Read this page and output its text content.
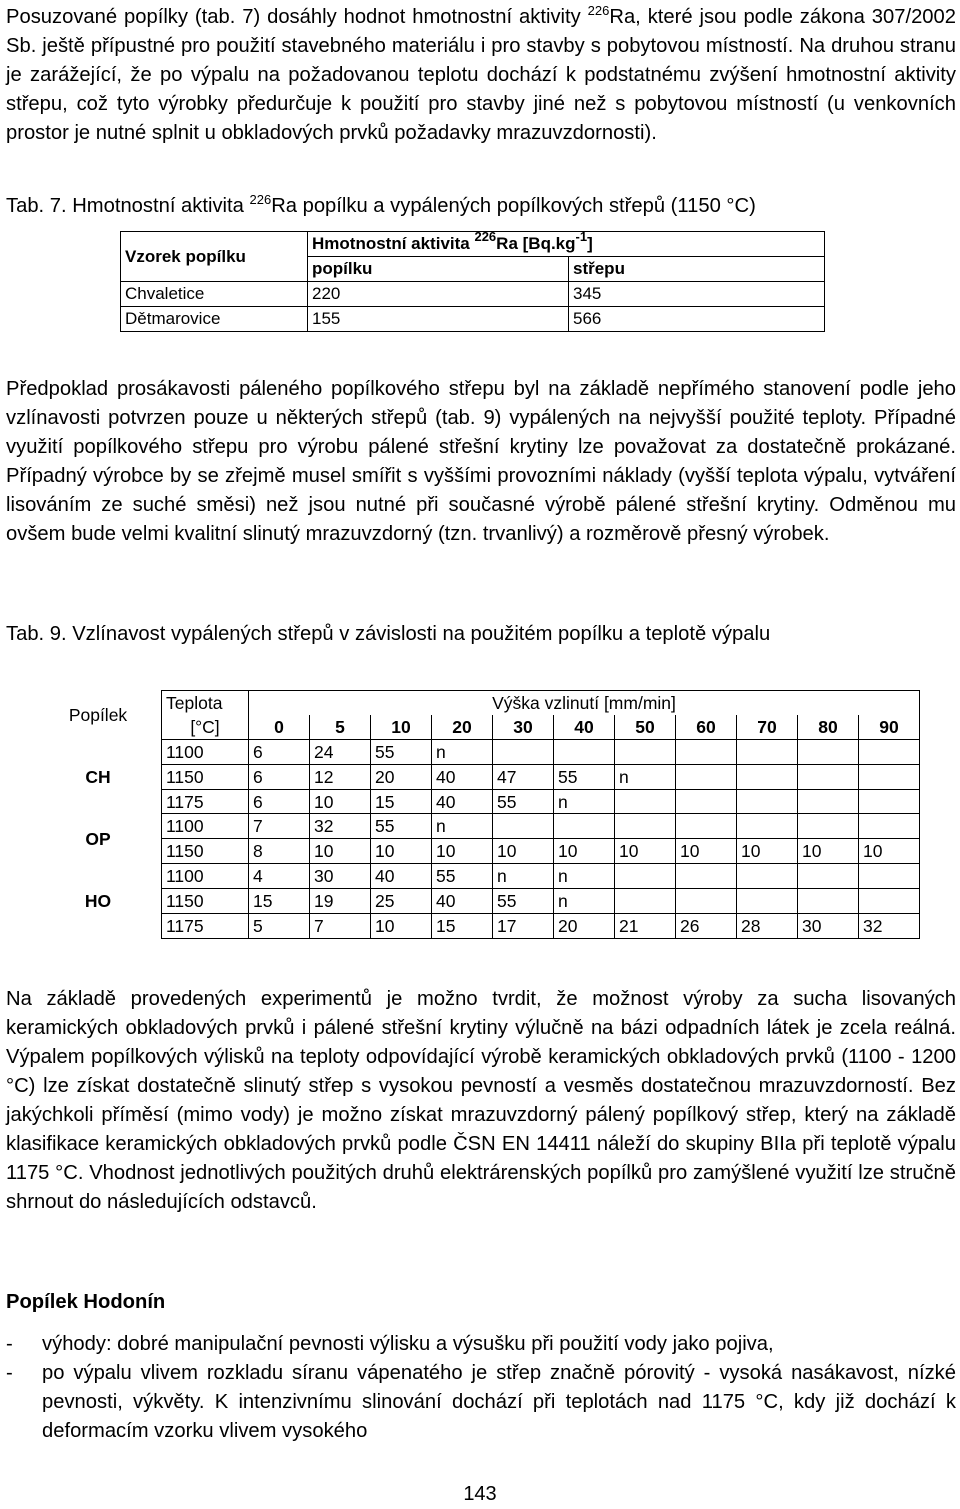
Posuzované popílky (tab. 7) dosáhly hodnot hmotnostní aktivity $^{226}$Ra, které jsou podle zákona 307/2002 Sb. ještě přípustné pro použití stavebného materiálu i pro stavby s pobytovou místností. Na druhou stranu je zarážející, že po výpalu na požadovanou teplotu dochází k podstatnému zvýšení hmotnostní aktivity střepu, což tyto výrobky předurčuje k použití pro stavby jiné než s pobytovou místností (u venkovních prostor je nutné splnit u obkladových prvků požadavky mrazuvzdornosti).

Tab. 7. Hmotnostní aktivita $^{226}$Ra popílku a vypálených popílkových střepů (1150 °C)
Vzorek popílku	Hmotnostní aktivita $^{226}$Ra $[Bq.kg^{-1}]$	
	popílku	střepu
Chvaletice	220	345
Dětmarovice	155	566

Předpoklad prosákavosti páleného popílkového střepu byl na základě nepřímého stanovení podle jeho vzlínavosti potvrzen pouze u některých střepů (tab. 9) vypálených na nejvyšší použité teploty. Případné využití popílkového střepu pro výrobu pálené střešní krytiny lze považovat za dostatečně prokázané. Případný výrobce by se zřejmě musel smířit s vyššími provozními náklady (vyšší teplota výpalu, vytváření lisováním ze suché směsi) než jsou nutné při současné výrobě pálené střešní krytiny. Odměnou mu ovšem bude velmi kvalitní slinutý mrazuvzdorný (tzn. trvanlivý) a rozměrově přesný výrobek.

Tab. 9. Vzlínavost vypálených střepů v závislosti na použitém popílku a teplotě výpalu

Popílek	Teplota	Výška vzlinutí [mm/min]										
	[°C]	0	5	10	20	30	40	50	60	70	80	90
CH	1100	6	24	55	n							
	1150	6	12	20	40	47	55	n				
	1175	6	10	15	40	55	n					
OP	1100	7	32	55	n							
	1150	8	10	10	10	10	10	10	10	10	10	10
HO	1100	4	30	40	55	n	n					
	1150	15	19	25	40	55	n					
	1175	5	7	10	15	17	20	21	26	28	30	32

Na základě provedených experimentů je možno tvrdit, že možnost výroby za sucha lisovaných keramických obkladových prvků i pálené střešní krytiny výlučně na bázi odpadních látek je zcela reálná. Výpalem popílkových výlisků na teploty odpovídající výrobě keramických obkladových prvků (1100 - 1200 °C) lze získat dostatečně slinutý střep s vysokou pevností a vesměs dostatečnou mrazuvzdorností. Bez jakýchkoli příměsí (mimo vody) je možno získat mrazuvzdorný pálený popílkový střep, který na základě klasifikace keramických obkladových prvků podle ČSN EN 14411 náleží do skupiny BIIa při teplotě výpalu 1175 °C. Vhodnost jednotlivých použitých druhů elektrárenských popílků pro zamýšlené využití lze stručně shrnout do následujících odstavců.

Popílek Hodonín
- výhody: dobré manipulační pevnosti výlisku a výsušku při použití vody jako pojiva,
- po výpalu vlivem rozkladu síranu vápenatého je střep značně pórovitý - vysoká nasákavost, nízké pevnosti, výkvěty. K intenzivnímu slinování dochází při teplotách nad 1175 °C, kdy již dochází k deformacím vzorku vlivem vysokého
143
